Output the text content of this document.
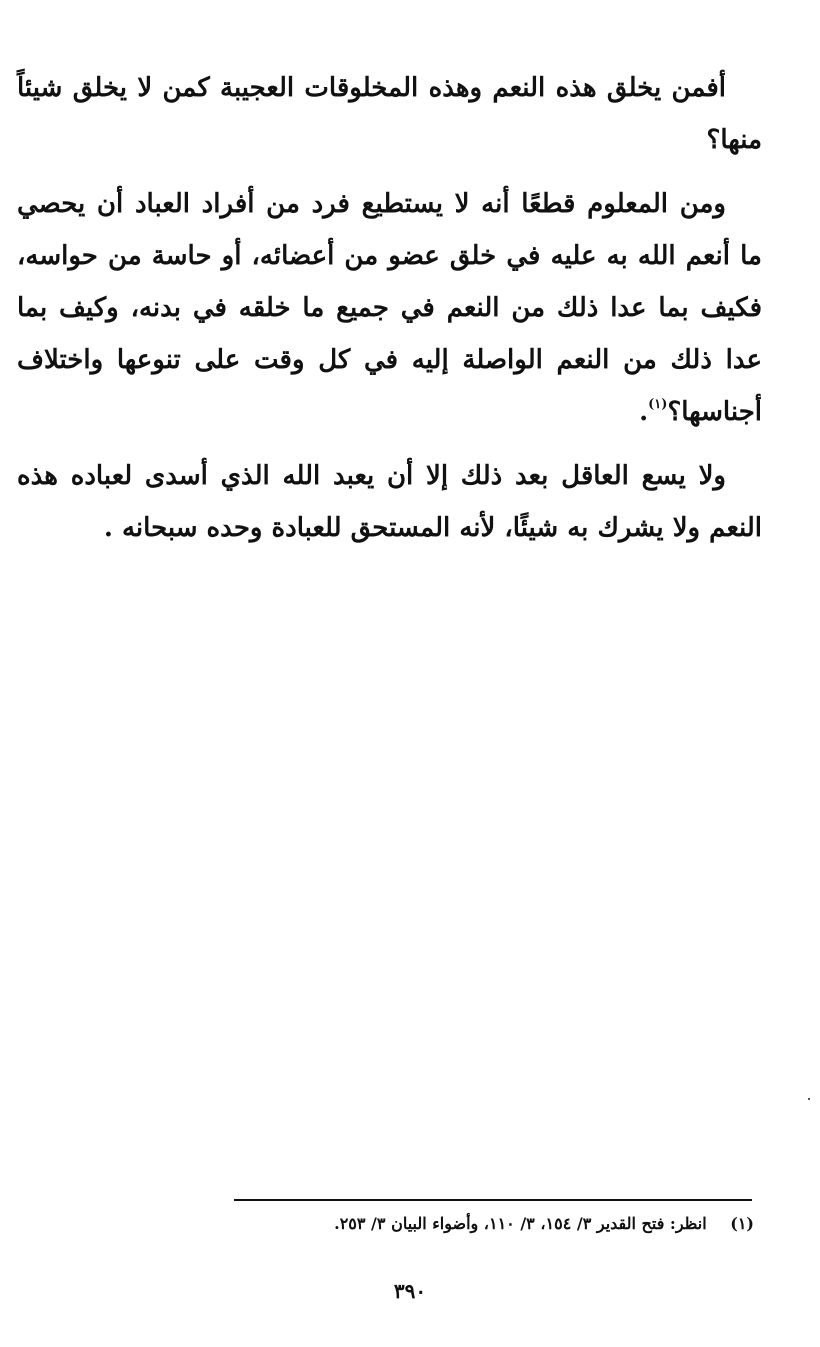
أفمن يخلق هذه النعم وهذه المخلوقات العجيبة كمن لا يخلق شيئاً منها؟

ومن المعلوم قطعًا أنه لا يستطيع فرد من أفراد العباد أن يحصي ما أنعم الله به عليه في خلق عضو من أعضائه، أو حاسة من حواسه، فكيف بما عدا ذلك من النعم في جميع ما خلقه في بدنه، وكيف بما عدا ذلك من النعم الواصلة إليه في كل وقت على تنوعها واختلاف أجناسها؟$^{(١)}$.

ولا يسع العاقل بعد ذلك إلا أن يعبد الله الذي أسدى لعباده هذه النعم ولا يشرك به شيئًا، لأنه المستحق للعبادة وحده سبحانه .

(١) انظر: فتح القدير ٣/ ١٥٤، ٣/ ١١٠، وأضواء البيان ٣/ ٢٥٣.
٣٩٠
